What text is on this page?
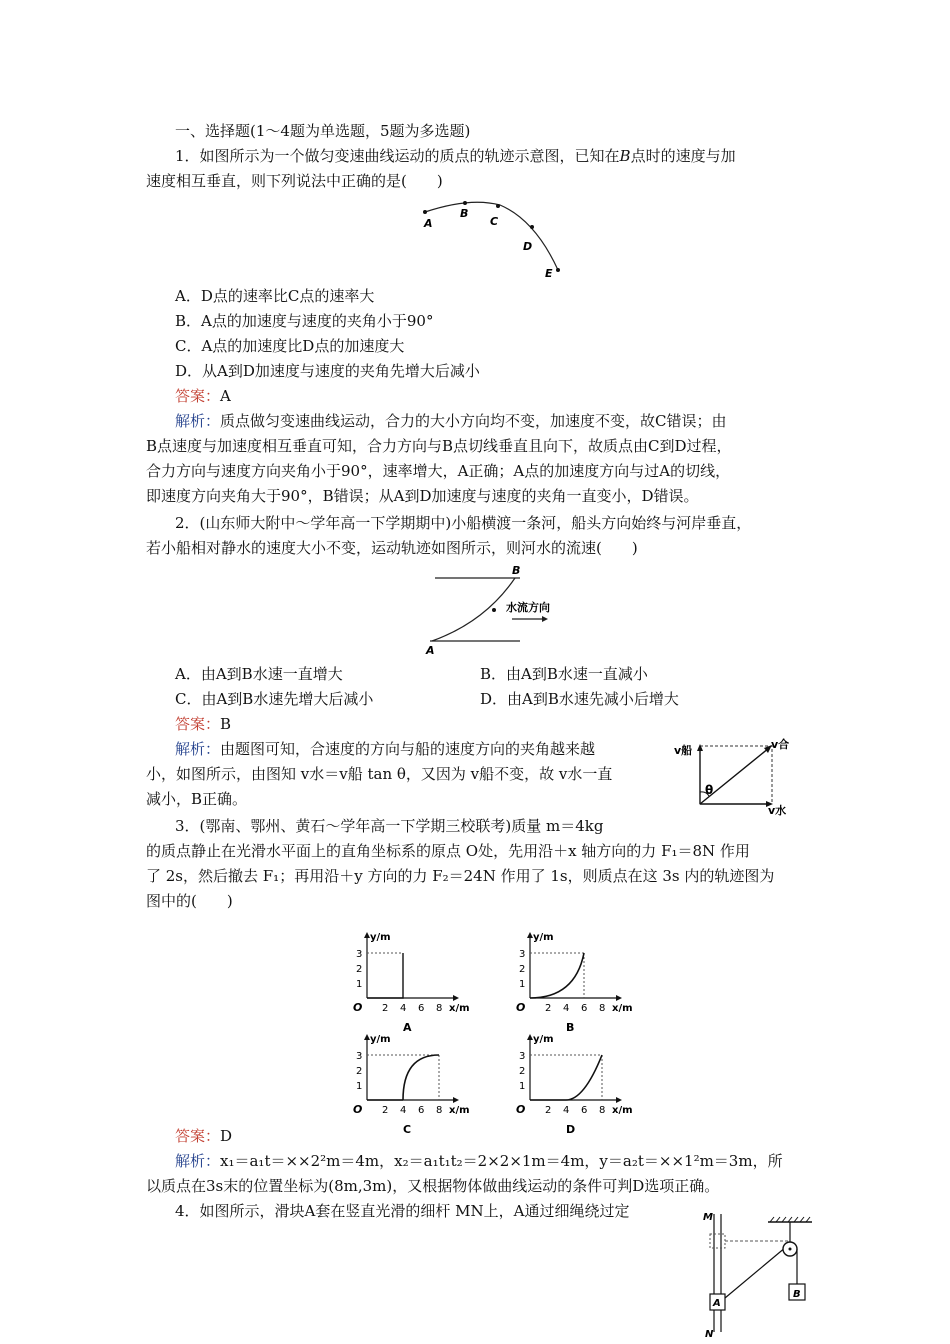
一、选择题(1～4题为单选题，5题为多选题)
1．如图所示为一个做匀变速曲线运动的质点的轨迹示意图，已知在B点时的速度与加
速度相互垂直，则下列说法中正确的是(　　)
A
B
C
D
E
A．D点的速率比C点的速率大
B．A点的加速度与速度的夹角小于90°
C．A点的加速度比D点的加速度大
D．从A到D加速度与速度的夹角先增大后减小
答案：A
解析：质点做匀变速曲线运动，合力的大小方向均不变，加速度不变，故C错误；由
B点速度与加速度相互垂直可知，合力方向与B点切线垂直且向下，故质点由C到D过程，
合力方向与速度方向夹角小于90°，速率增大，A正确；A点的加速度方向与过A的切线，
即速度方向夹角大于90°，B错误；从A到D加速度与速度的夹角一直变小，D错误。
2．(山东师大附中～学年高一下学期期中)小船横渡一条河，船头方向始终与河岸垂直，
若小船相对静水的速度大小不变，运动轨迹如图所示，则河水的流速(　　)
B
A
水流方向
A．由A到B水速一直增大	B．由A到B水速一直减小
C．由A到B水速先增大后减小	D．由A到B水速先减小后增大
答案：B
解析：由题图可知，合速度的方向与船的速度方向的夹角越来越
小，如图所示，由图知 v水＝v船 tan θ，又因为 v船不变，故 v水一直
减小，B正确。
v船	v合
v水
θ
3．(鄂南、鄂州、黄石～学年高一下学期三校联考)质量 m＝4kg
的质点静止在光滑水平面上的直角坐标系的原点 O处，先用沿＋x 轴方向的力 F₁＝8N 作用
了 2s，然后撤去 F₁；再用沿＋y 方向的力 F₂＝24N 作用了 1s，则质点在这 3s 内的轨迹图为
图中的(　　)
y/m
x/m
O 2 4 6 8
1
2
3
A
y/m
x/m
O 2 4 6 8
1
2
3
B
y/m
x/m
O 2 4 6 8
1
2
3
C
y/m
x/m
O 2 4 6 8
1
2
3
D
答案：D
解析：x₁＝a₁t＝××2²m＝4m，x₂＝a₁t₁t₂＝2×2×1m＝4m，y＝a₂t＝××1²m＝3m，所
以质点在3s末的位置坐标为(8m,3m)，又根据物体做曲线运动的条件可判D选项正确。
4．如图所示，滑块A套在竖直光滑的细杆 MN上，A通过细绳绕过定	M
N
A
B
